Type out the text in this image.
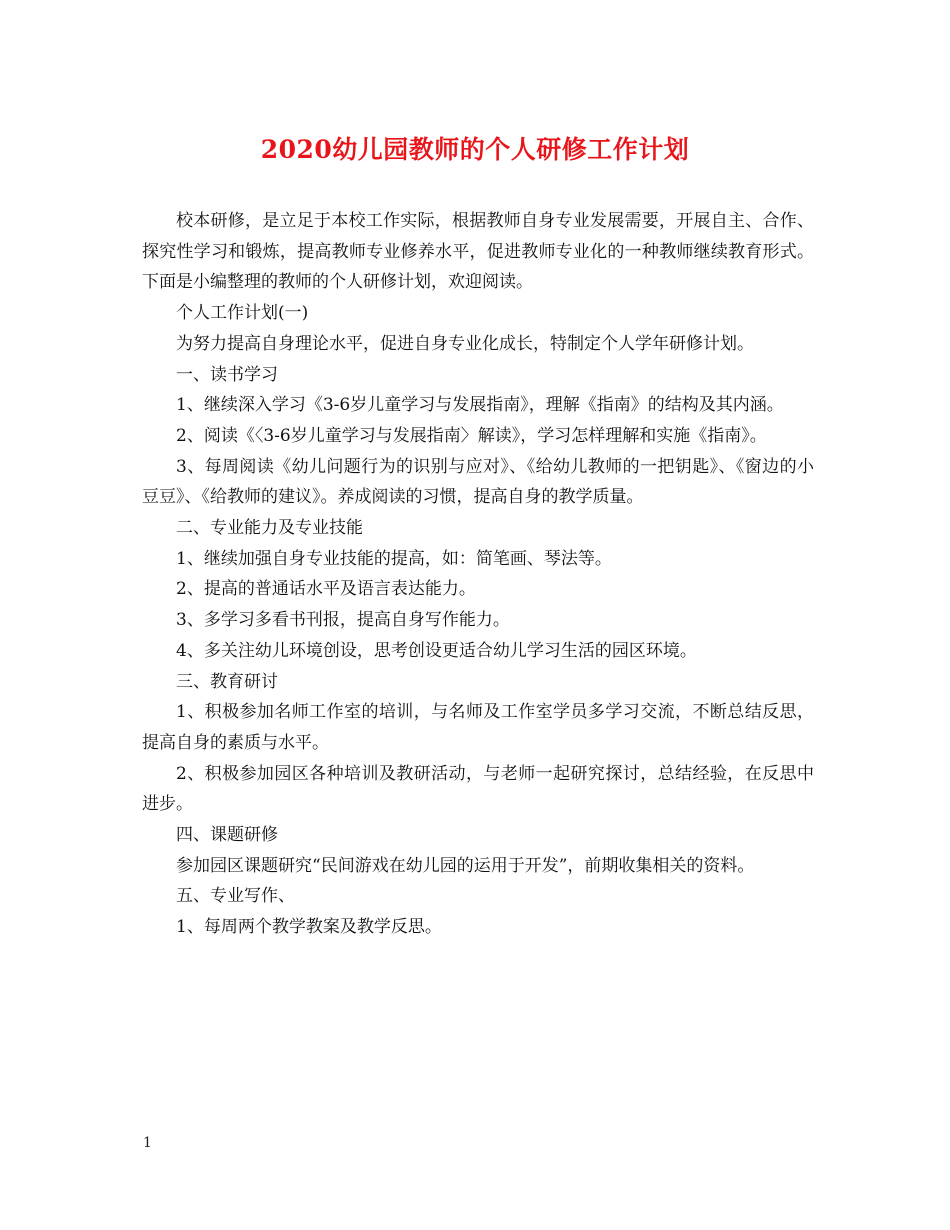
2020幼儿园教师的个人研修工作计划

校本研修，是立足于本校工作实际，根据教师自身专业发展需要，开展自主、合作、探究性学习和锻炼，提高教师专业修养水平，促进教师专业化的一种教师继续教育形式。下面是小编整理的教师的个人研修计划，欢迎阅读。

个人工作计划(一)

为努力提高自身理论水平，促进自身专业化成长，特制定个人学年研修计划。

一、读书学习

1、继续深入学习《3-6岁儿童学习与发展指南》，理解《指南》的结构及其内涵。

2、阅读《〈3-6岁儿童学习与发展指南〉解读》，学习怎样理解和实施《指南》。

3、每周阅读《幼儿问题行为的识别与应对》、《给幼儿教师的一把钥匙》、《窗边的小豆豆》、《给教师的建议》。养成阅读的习惯，提高自身的教学质量。

二、专业能力及专业技能

1、继续加强自身专业技能的提高，如：简笔画、琴法等。

2、提高的普通话水平及语言表达能力。

3、多学习多看书刊报，提高自身写作能力。

4、多关注幼儿环境创设，思考创设更适合幼儿学习生活的园区环境。

三、教育研讨

1、积极参加名师工作室的培训，与名师及工作室学员多学习交流，不断总结反思，提高自身的素质与水平。

2、积极参加园区各种培训及教研活动，与老师一起研究探讨，总结经验，在反思中进步。

四、课题研修

参加园区课题研究“民间游戏在幼儿园的运用于开发”，前期收集相关的资料。

五、专业写作、

1、每周两个教学教案及教学反思。

1
